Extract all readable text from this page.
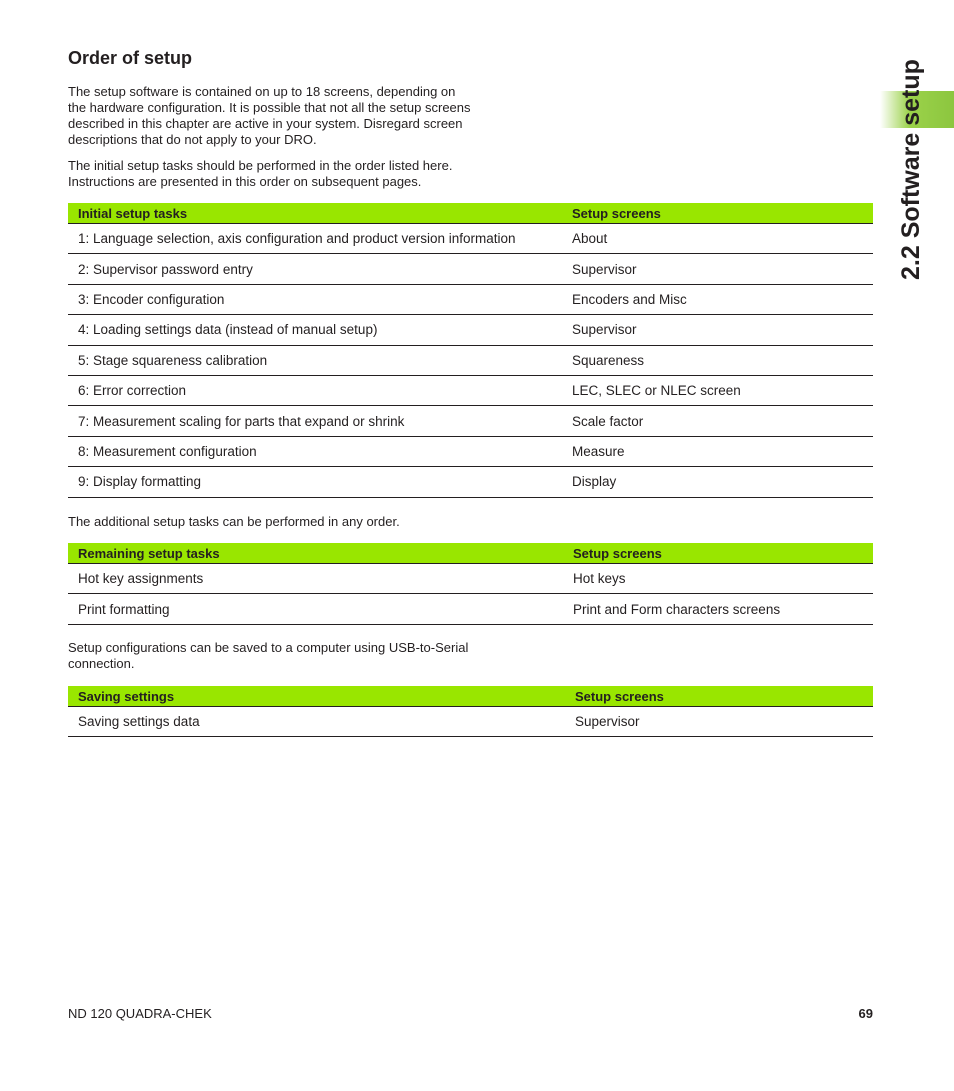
2.2 Software setup
Order of setup

The setup software is contained on up to 18 screens, depending on
the hardware configuration. It is possible that not all the setup screens
described in this chapter are active in your system. Disregard screen
descriptions that do not apply to your DRO.

The initial setup tasks should be performed in the order listed here.
Instructions are presented in this order on subsequent pages.

Initial setup tasks	Setup screens
1: Language selection, axis configuration and product version information	About
2: Supervisor password entry	Supervisor
3: Encoder configuration	Encoders and Misc
4: Loading settings data (instead of manual setup)	Supervisor
5: Stage squareness calibration	Squareness
6: Error correction	LEC, SLEC or NLEC screen
7: Measurement scaling for parts that expand or shrink	Scale factor
8: Measurement configuration	Measure
9: Display formatting	Display

The additional setup tasks can be performed in any order.

Remaining setup tasks	Setup screens
Hot key assignments	Hot keys
Print formatting	Print and Form characters screens

Setup configurations can be saved to a computer using USB-to-Serial
connection.

Saving settings	Setup screens
Saving settings data	Supervisor
ND 120 QUADRA-CHEK	69
